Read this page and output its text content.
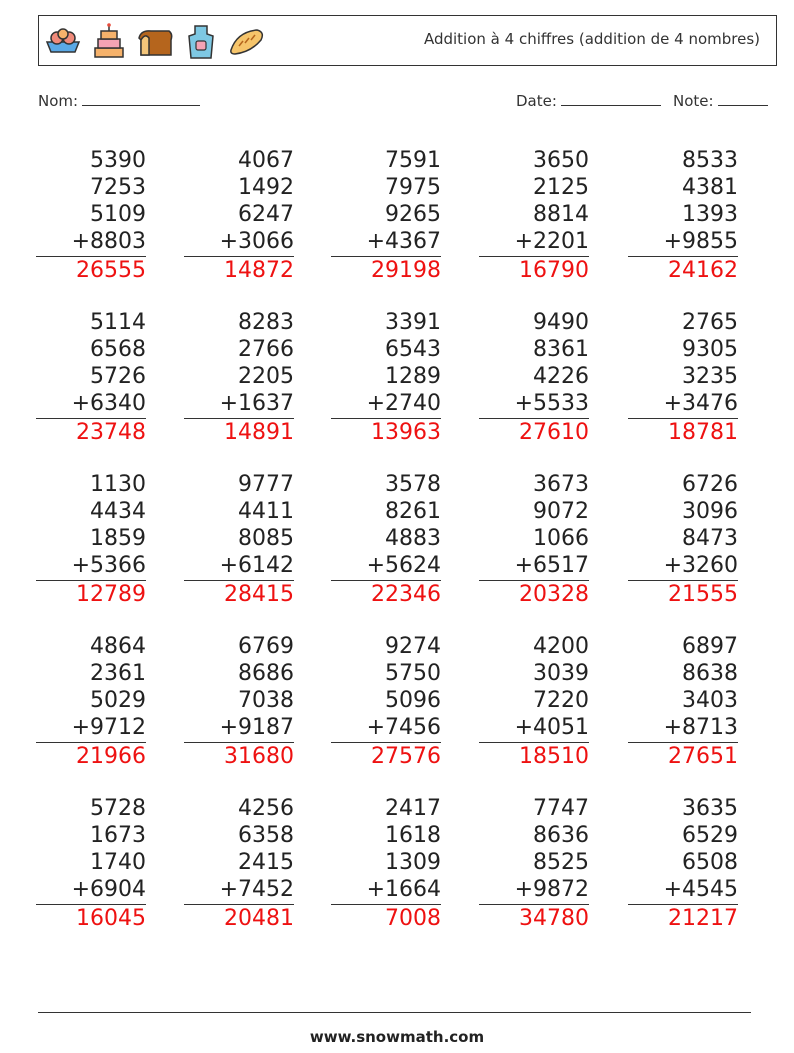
Addition à 4 chiffres (addition de 4 nombres)
Nom:	Date:	Note:
5390
7253
5109
+8803
26555
4067
1492
6247
+3066
14872
7591
7975
9265
+4367
29198
3650
2125
8814
+2201
16790
8533
4381
1393
+9855
24162
5114
6568
5726
+6340
23748
8283
2766
2205
+1637
14891
3391
6543
1289
+2740
13963
9490
8361
4226
+5533
27610
2765
9305
3235
+3476
18781
1130
4434
1859
+5366
12789
9777
4411
8085
+6142
28415
3578
8261
4883
+5624
22346
3673
9072
1066
+6517
20328
6726
3096
8473
+3260
21555
4864
2361
5029
+9712
21966
6769
8686
7038
+9187
31680
9274
5750
5096
+7456
27576
4200
3039
7220
+4051
18510
6897
8638
3403
+8713
27651
5728
1673
1740
+6904
16045
4256
6358
2415
+7452
20481
2417
1618
1309
+1664
7008
7747
8636
8525
+9872
34780
3635
6529
6508
+4545
21217
www.snowmath.com
